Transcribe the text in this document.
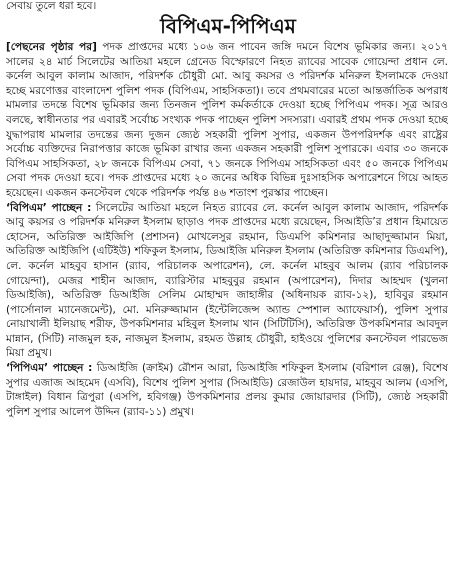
সেবায় তুলে ধরা হবে।
বিপিএম-পিপিএম

[পেছনের পৃষ্ঠার পর] পদক প্রাপ্তদের মধ্যে ১০৬ জন পাবেন জঙ্গি দমনে বিশেষ ভূমিকার জন্য। ২০১৭ সালের ২৪ মার্চ সিলেটের আতিয়া মহলে গ্রেনেড বিস্ফোরণে নিহত র‌্যাবের সাবেক গোয়েন্দা প্রধান লে. কর্নেল আবুল কালাম আজাদ, পরিদর্শক চৌধুরী মো. আবু কয়সর ও পরিদর্শক মনিরুল ইসলামকে দেওয়া হচ্ছে মরণোত্তর বাংলাদেশ পুলিশ পদক (বিপিএম, সাহসিকতা)। তবে প্রথমবারের মতো আন্তর্জাতিক অপরাধ মামলার তদন্তে বিশেষ ভূমিকার জন্য তিনজন পুলিশ কর্মকর্তাকে দেওয়া হচ্ছে পিপিএম পদক। সূত্র আরও বলছে, স্বাধীনতার পর এবারই সর্বোচ্চ সংখ্যক পদক পাচ্ছেন পুলিশ সদস্যরা। এবারই প্রথম পদক দেওয়া হচ্ছে যুদ্ধাপরাধ মামলার তদন্তের জন্য দুজন জ্যেষ্ঠ সহকারী পুলিশ সুপার, একজন উপপরিদর্শক এবং রাষ্ট্রের সর্বোচ্চ ব্যক্তিদের নিরাপত্তার কাজে ভূমিকা রাখার জন্য একজন সহকারী পুলিশ সুপারকে। এবার ৩০ জনকে বিপিএম সাহসিকতা, ২৮ জনকে বিপিএম সেবা, ৭১ জনকে পিপিএম সাহসিকতা এবং ৫০ জনকে পিপিএম সেবা পদক দেওয়া হবে। পদক প্রাপ্তদের মধ্যে ২০ জনের অধিক বিভিন্ন দুঃসাহসিক অপারেশনে গিয়ে আহত হয়েছেন। একজন কনস্টেবল থেকে পরিদর্শক পর্যন্ত ৪৬ শতাংশ পুরস্কার পাচ্ছেন।

‘বিপিএম’ পাচ্ছেন : সিলেটের আতিয়া মহলে নিহত র‌্যাবের লে. কর্নেল আবুল কালাম আজাদ, পরিদর্শক আবু কয়সর ও পরিদর্শক মনিরুল ইসলাম ছাড়াও পদক প্রাপ্তদের মধ্যে রয়েছেন, সিআইডি’র প্রধান হিমায়েত হোসেন, অতিরিক্ত আইজিপি (প্রশাসন) মোখলেসুর রহমান, ডিএমপি কমিশনার আছাদুজ্জামান মিয়া, অতিরিক্ত আইজিপি (এটিইউ) শফিকুল ইসলাম, ডিআইজি মনিরুল ইসলাম (অতিরিক্ত কমিশনার ডিএমপি), লে. কর্নেল মাহবুব হাসান (র‌্যাব, পরিচালক অপারেশন), লে. কর্নেল মাহবুব আলম (র‌্যাব পরিচালক গোয়েন্দা), মেজর শাহীন আজাদ, ব্যারিস্টার মাহবুবুর রহমান (অপারেশন), দিদার আহম্মদ (খুলনা ডিআইজি), অতিরিক্ত ডিআইজি সেলিম মোহাম্মদ জাহাঙ্গীর (অধিনায়ক র‌্যাব-১২), হাবিবুর রহমান (পার্সোনাল ম্যানেজমেন্ট), মো. মনিরুজ্জামান (ইন্টেলিজেন্স অ্যান্ড স্পেশাল অ্যাফেয়ার্স), পুলিশ সুপার নোয়াখালী ইলিয়াছ শরীফ, উপকমিশনার মহিবুল ইসলাম খান (সিটিটিসি), অতিরিক্ত উপকমিশনার আবদুল মান্নান, (সিটি) নাজমুল হক, নাজমুল ইসলাম, রহমত উল্লাহ চৌধুরী, হাইওয়ে পুলিশের কনস্টেবল পারভেজ মিয়া প্রমুখ।

‘পিপিএম’ পাচ্ছেন : ডিআইজি (ক্রাইম) রৌশন আরা, ডিআইজি শফিকুল ইসলাম (বরিশাল রেঞ্জ), বিশেষ সুপার এজাজ আহমেদ (এসবি), বিশেষ পুলিশ সুপার (সিআইডি) রেজাউল হায়দার, মাহবুব আলম (এসপি, টাঙ্গাইল) বিধান ত্রিপুরা (এসপি, হবিগঞ্জ) উপকমিশনার প্রলয় কুমার জোয়ারদার (সিটি), জ্যেষ্ঠ সহকারী পুলিশ সুপার আলেপ উদ্দিন (র‌্যাব-১১) প্রমুখ।
